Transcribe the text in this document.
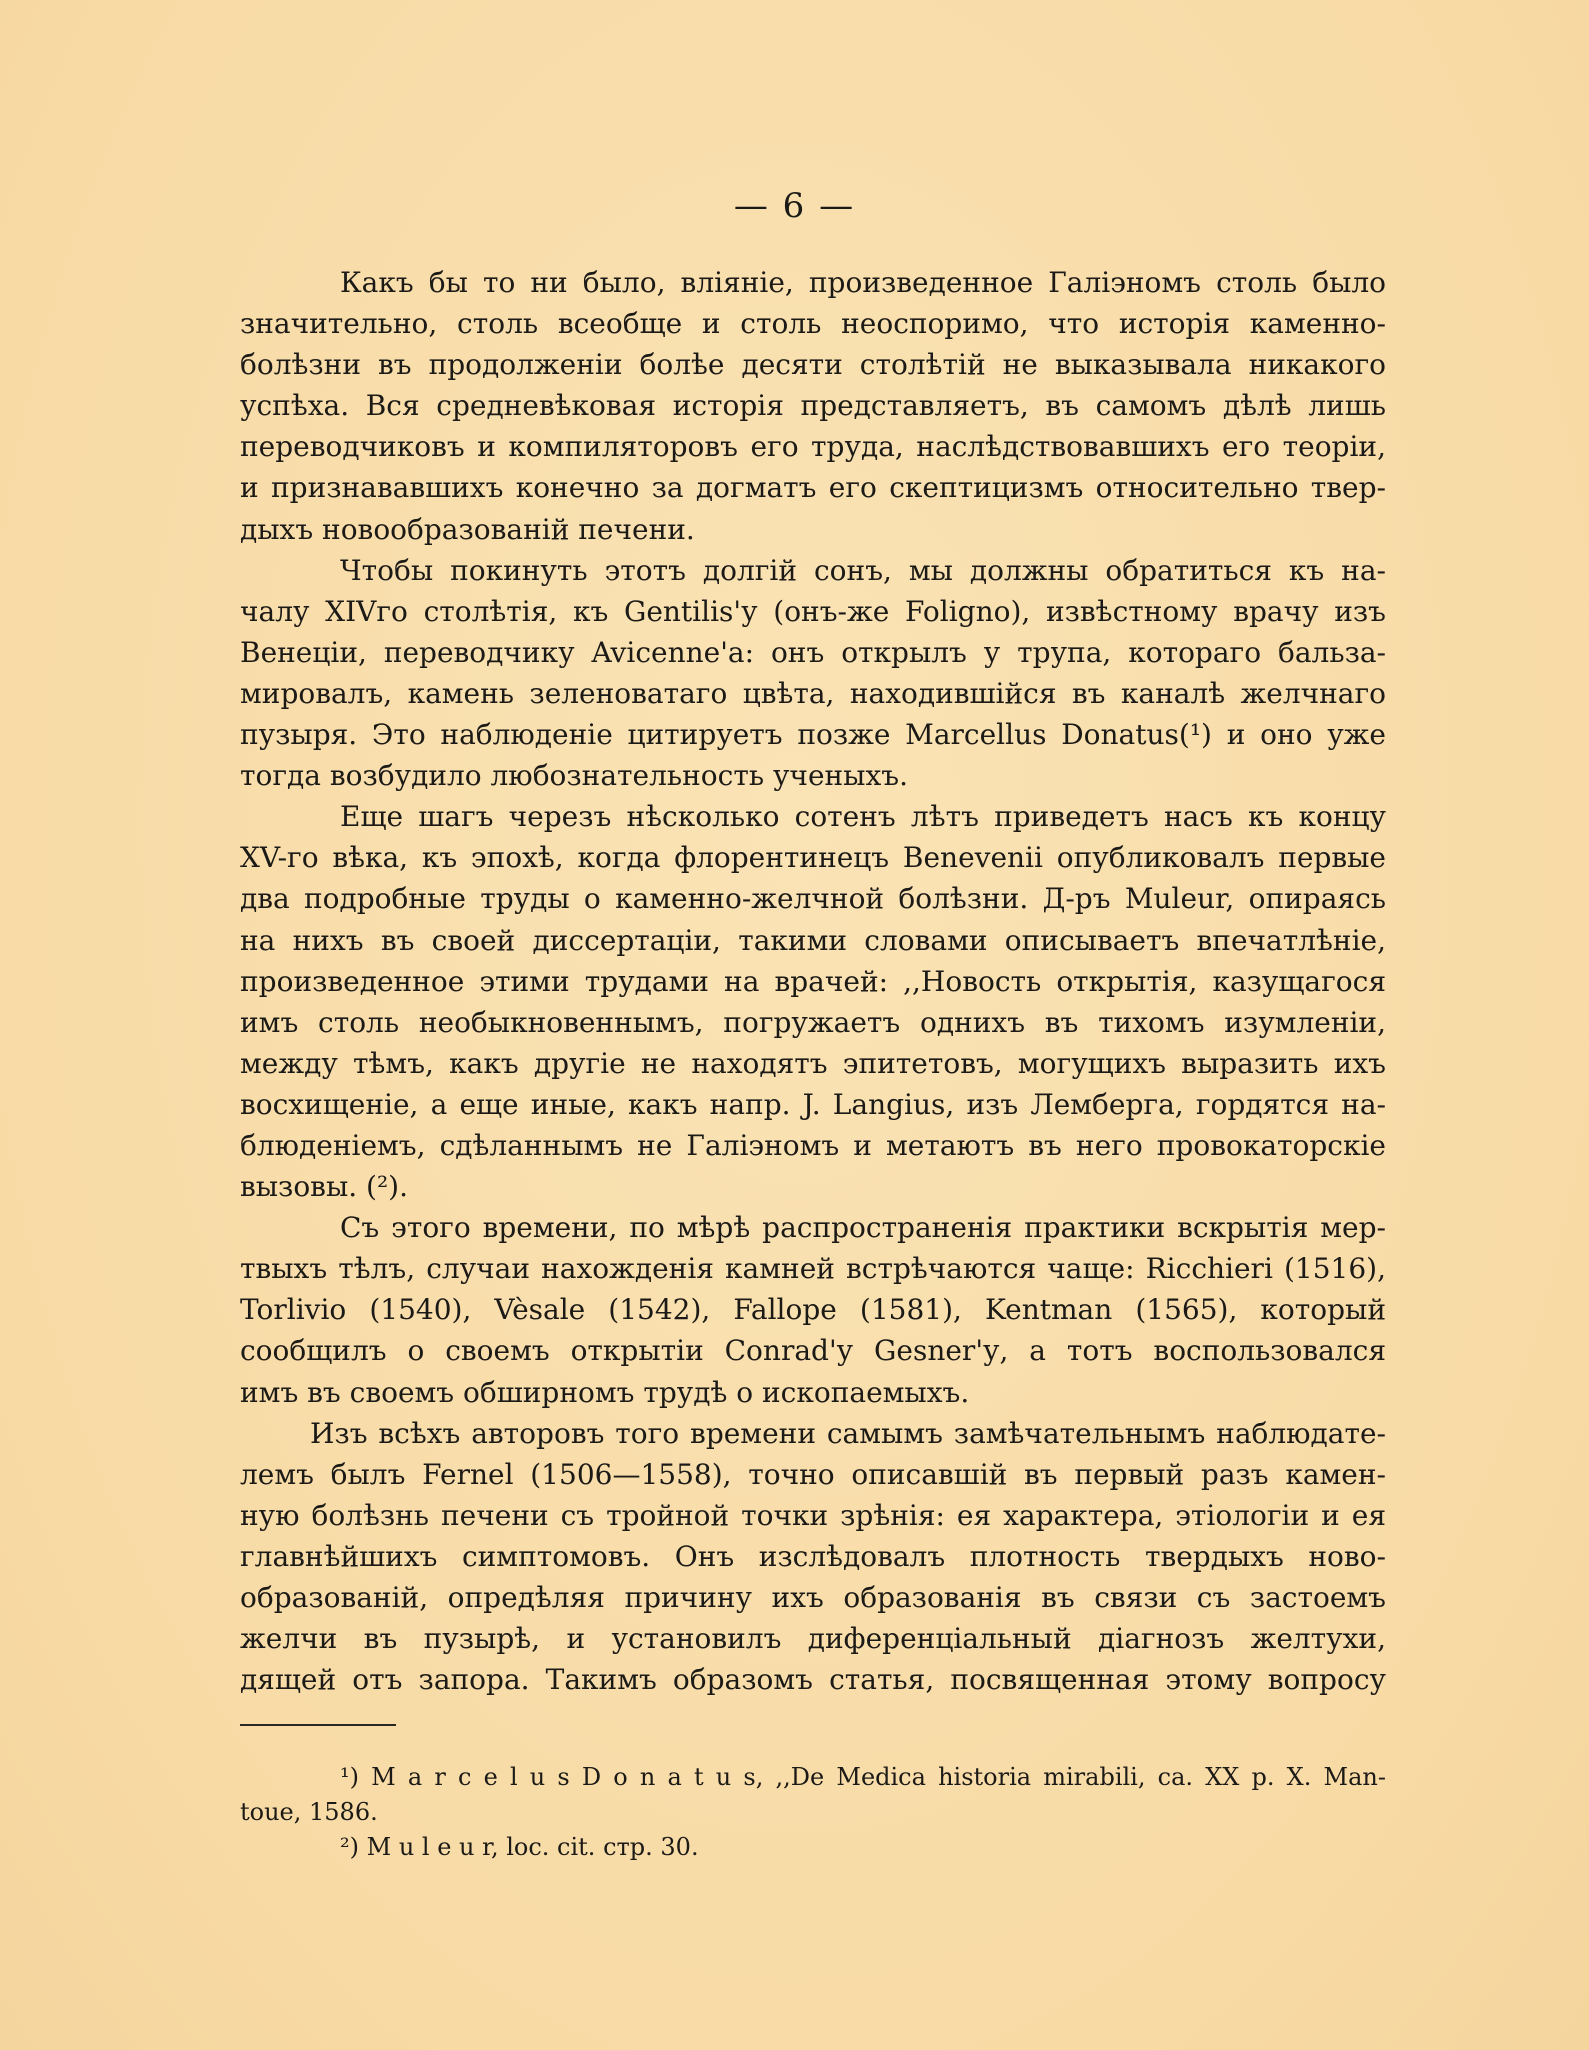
— 6 —
Какъ бы то ни было, вліяніе, произведенное Галіэномъ столь было
значительно, столь всеобще и столь неоспоримо, что исторія каменно-
болѣзни въ продолженіи болѣе десяти столѣтій не выказывала никакого
успѣха. Вся средневѣковая исторія представляетъ, въ самомъ дѣлѣ лишь
переводчиковъ и компиляторовъ его труда, наслѣдствовавшихъ его теоріи,
и признававшихъ конечно за догматъ его скептицизмъ относительно твер-
дыхъ новообразованій печени.
Чтобы покинуть этотъ долгій сонъ, мы должны обратиться къ на-
чалу XIVго столѣтія, къ Gentilis'у (онъ-же Foligno), извѣстному врачу изъ
Венеціи, переводчику Avicenne'a: онъ открылъ у трупа, котораго бальза-
мировалъ, камень зеленоватаго цвѣта, находившійся въ каналѣ желчнаго
пузыря. Это наблюденіе цитируетъ позже Marcellus Donatus(¹) и оно уже
тогда возбудило любознательность ученыхъ.
Еще шагъ черезъ нѣсколько сотенъ лѣтъ приведетъ насъ къ концу
XV-го вѣка, къ эпохѣ, когда флорентинецъ Benevenii опубликовалъ первые
два подробные труды о каменно-желчной болѣзни. Д-ръ Muleur, опираясь
на нихъ въ своей диссертаціи, такими словами описываетъ впечатлѣніе,
произведенное этими трудами на врачей: ,,Новость открытія, казущагося
имъ столь необыкновеннымъ, погружаетъ однихъ въ тихомъ изумленіи,
между тѣмъ, какъ другіе не находятъ эпитетовъ, могущихъ выразить ихъ
восхищеніе, а еще иные, какъ напр. J. Langius, изъ Лемберга, гордятся на-
блюденіемъ, сдѣланнымъ не Галіэномъ и метаютъ въ него провокаторскіе
вызовы. (²).
Съ этого времени, по мѣрѣ распространенія практики вскрытія мер-
твыхъ тѣлъ, случаи нахожденія камней встрѣчаются чаще: Ricchieri (1516),
Torlivio (1540), Vèsale (1542), Fallope (1581), Kentman (1565), который
сообщилъ о своемъ открытіи Conrad'у Gesner'у, а тотъ воспользовался
имъ въ своемъ обширномъ трудѣ о ископаемыхъ.
Изъ всѣхъ авторовъ того времени самымъ замѣчательнымъ наблюдате-
лемъ былъ Fernel (1506—1558), точно описавшій въ первый разъ камен-
ную болѣзнь печени съ тройной точки зрѣнія: ея характера, этіологіи и ея
главнѣйшихъ симптомовъ. Онъ изслѣдовалъ плотность твердыхъ ново-
образованій, опредѣляя причину ихъ образованія въ связи съ застоемъ
желчи въ пузырѣ, и установилъ диференціальный діагнозъ желтухи,
дящей отъ запора. Такимъ образомъ статья, посвященная этому вопросу
¹) M a r c e l u s D o n a t u s, ,,De Medica historia mirabili, ca. XX p. X. Man-
toue, 1586.
²) M u l e u r, loc. cit. стр. 30.
